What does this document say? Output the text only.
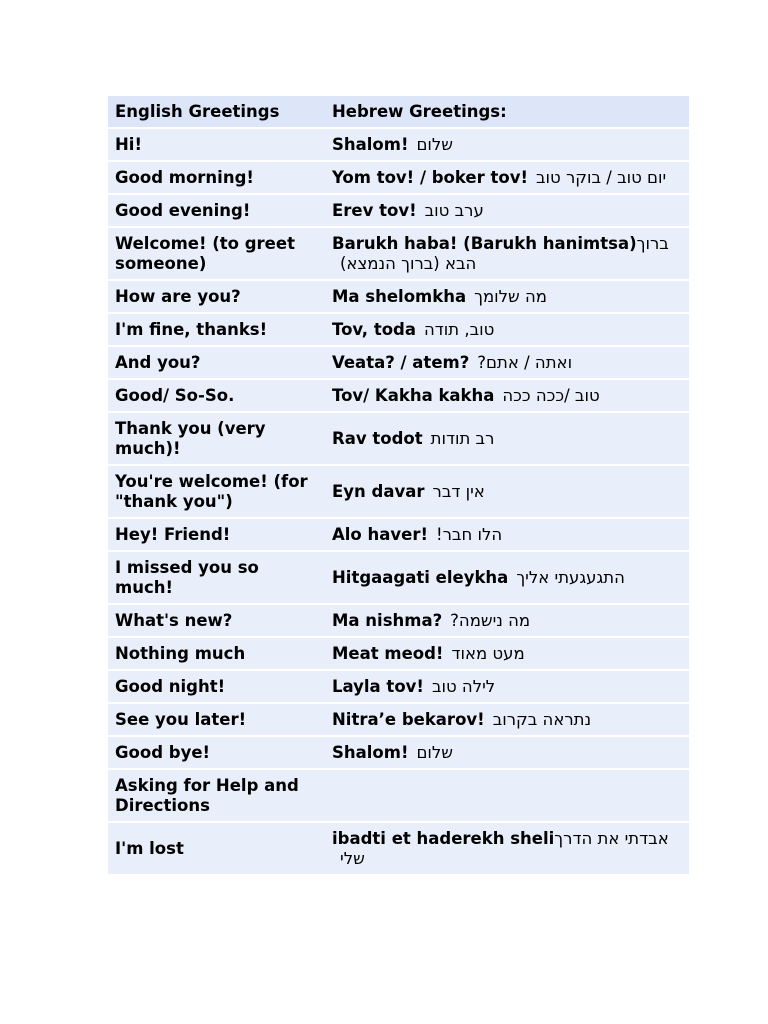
English Greetings	Hebrew Greetings:
Hi!	Shalom! שלום
Good morning!	Yom tov! / boker tov! יום טוב / בוקר טוב
Good evening!	Erev tov! ערב טוב
Welcome! (to greet someone)	Barukh haba! (Barukh hanimtsa)ברוך הבא (ברוך הנמצא)
How are you?	Ma shelomkha מה שלומך
I'm fine, thanks!	Tov, toda טוב, תודה
And you?	Veata? / atem? ואתה / אתם?
Good/ So-So.	Tov/ Kakha kakha טוב /ככה ככה
Thank you (very much)!	Rav todot רב תודות
You're welcome! (for "thank you")	Eyn davar אין דבר
Hey! Friend!	Alo haver! הלו חבר!
I missed you so much!	Hitgaagati eleykha התגעגעתי אליך
What's new?	Ma nishma? מה נישמה?
Nothing much	Meat meod! מעט מאוד
Good night!	Layla tov! לילה טוב
See you later!	Nitra’e bekarov! נתראה בקרוב
Good bye!	Shalom! שלום
Asking for Help and Directions	
I'm lost	ibadti et haderekh sheliאבדתי את הדרך שלי
